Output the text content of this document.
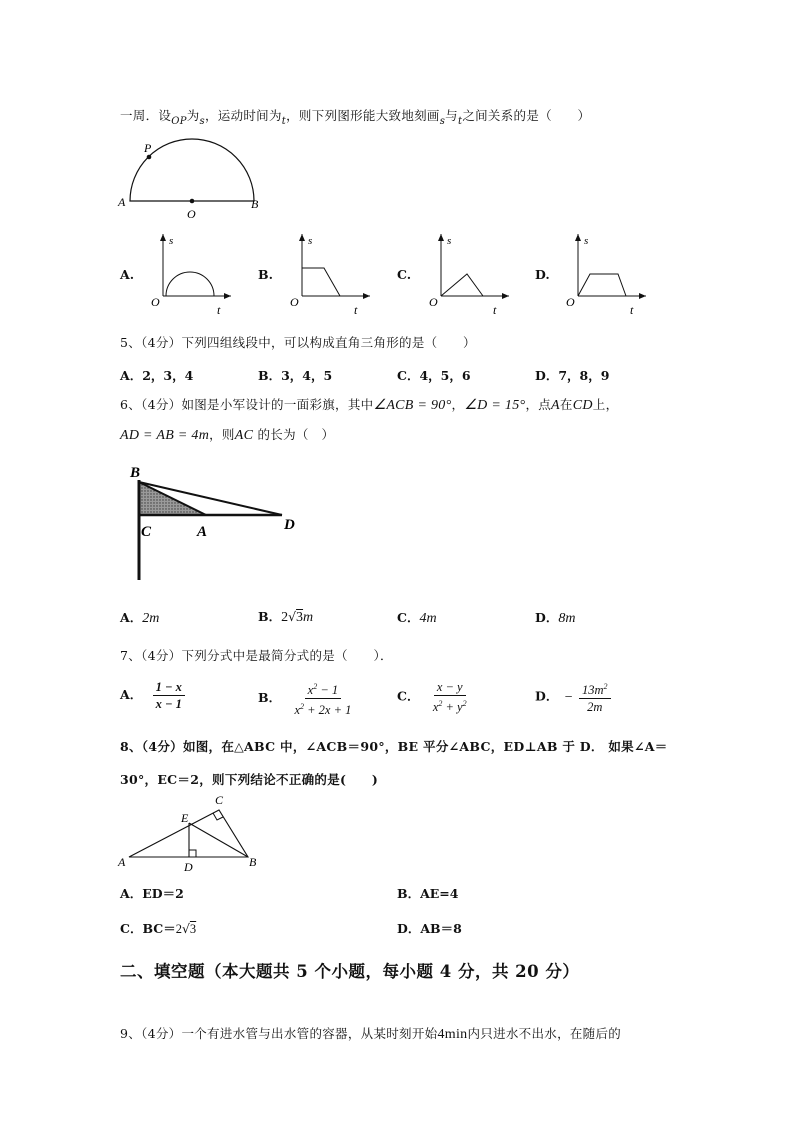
一周．设$_{OP}$为$_s$，运动时间为$_t$，则下列图形能大致地刻画$_s$与$_t$之间关系的是（　　）
P
A
O
B
A.
s
O
t
B.
s
O
t
C.
s
O
t
D.
s
O
t
5、（4分）下列四组线段中，可以构成直角三角形的是（　　）
A．2，3，4	B．3，4，5	C．4，5，6	D．7，8，9
6、（4分）如图是小军设计的一面彩旗，其中∠ACB = 90°，∠D = 15°，点A在CD上，
AD = AB = 4m，则AC 的长为（　）
B
C	A	D
A．2m	B．2√3m	C．4m	D．8m
7、（4分）下列分式中是最简分式的是（　　）．
A． $\frac{1 - x}{x - 1}$	B． $\frac{x^2 - 1}{x^2 + 2x + 1}$	C． $\frac{x - y}{x^2 + y^2}$	D． − $\frac{13m^2}{2m}$
8、（4分）如图，在△ABC 中，∠ACB＝90°，BE 平分∠ABC，ED⊥AB 于 D． 如果∠A＝
30°，EC＝2，则下列结论不正确的是(　　)
C
E
A	D	B
A．ED＝2	B．AE=4
C．BC＝2√3	D．AB＝8
二、填空题（本大题共 5 个小题，每小题 4 分，共 20 分）
9、（4分）一个有进水管与出水管的容器，从某时刻开始4min内只进水不出水，在随后的
